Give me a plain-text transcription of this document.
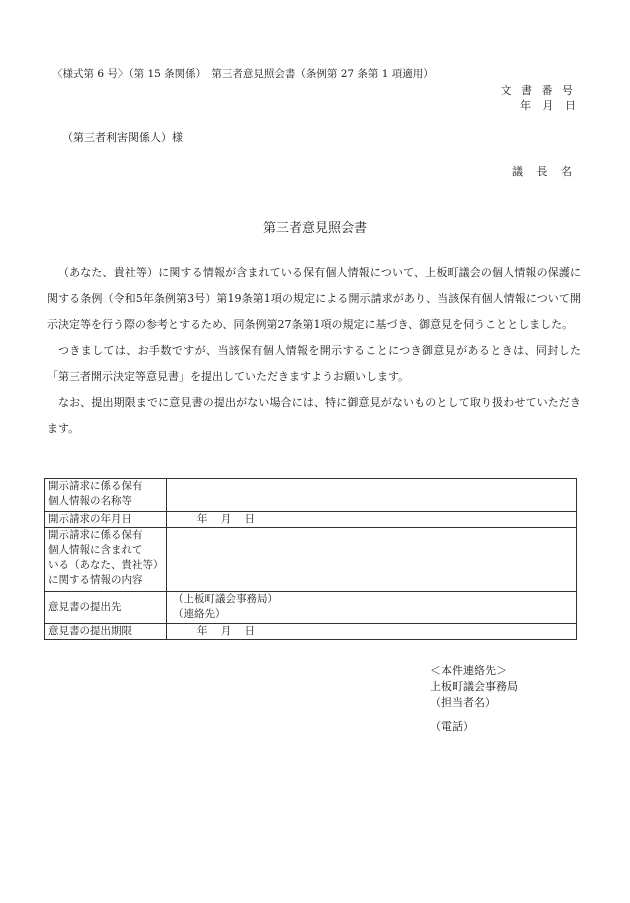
〈様式第 6 号〉（第 15 条関係）　第三者意見照会書（条例第 27 条第 1 項適用）
文 書 番 号
年 月 日
（第三者利害関係人）様
議 長 名
第三者意見照会書

（あなた、貴社等）に関する情報が含まれている保有個人情報について、上板町議会の個人情報の保護に関する条例（令和5年条例第3号）第19条第1項の規定による開示請求があり、当該保有個人情報について開示決定等を行う際の参考とするため、同条例第27条第1項の規定に基づき、御意見を伺うこととしました。

つきましては、お手数ですが、当該保有個人情報を開示することにつき御意見があるときは、同封した「第三者開示決定等意見書」を提出していただきますようお願いします。

なお、提出期限までに意見書の提出がない場合には、特に御意見がないものとして取り扱わせていただきます。

開示請求に係る保有
個人情報の名称等	

開示請求の年月日	年 月 日

開示請求に係る保有
個人情報に含まれて
いる（あなた、貴社等）
に関する情報の内容	

意見書の提出先	（上板町議会事務局）
（連絡先）

意見書の提出期限	年 月 日
＜本件連絡先＞
上板町議会事務局
（担当者名）
（電話）
